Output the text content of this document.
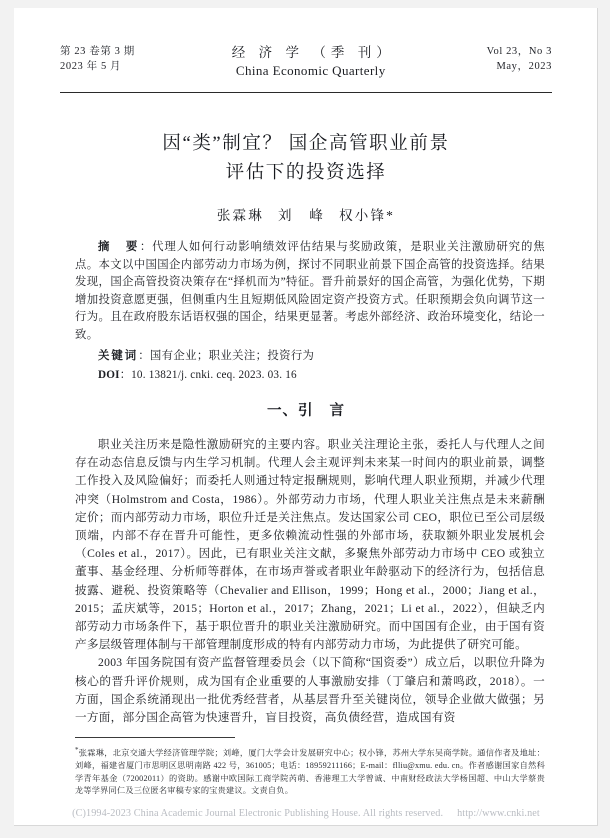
第 23 卷第 3 期
2023 年 5 月
经 济 学 （季 刊）
China Economic Quarterly
Vol 23，No 3
May，2023
因“类”制宜？ 国企高管职业前景
评估下的投资选择
张霖琳 刘　峰 权小锋*

摘　要：代理人如何行动影响绩效评估结果与奖励政策，是职业关注激励研究的焦点。本文以中国国企内部劳动力市场为例，探讨不同职业前景下国企高管的投资选择。结果发现，国企高管投资决策存在“择机而为”特征。晋升前景好的国企高管，为强化优势，下期增加投资意愿更强，但侧重内生且短期低风险固定资产投资方式。任职预期会负向调节这一行为。且在政府股东话语权强的国企，结果更显著。考虑外部经济、政治环境变化，结论一致。

关键词：国有企业；职业关注；投资行为

DOI：10. 13821/j. cnki. ceq. 2023. 03. 16

一、引 言

职业关注历来是隐性激励研究的主要内容。职业关注理论主张，委托人与代理人之间存在动态信息反馈与内生学习机制。代理人会主观评判未来某一时间内的职业前景，调整工作投入及风险偏好；而委托人则通过特定报酬规则，影响代理人职业预期，并减少代理冲突（Holmstrom and Costa，1986）。外部劳动力市场，代理人职业关注焦点是未来薪酬定价；而内部劳动力市场，职位升迁是关注焦点。发达国家公司 CEO，职位已至公司层级顶端，内部不存在晋升可能性，更多依赖流动性强的外部市场，获取额外职业发展机会（Coles et al.，2017）。因此，已有职业关注文献，多聚焦外部劳动力市场中 CEO 或独立董事、基金经理、分析师等群体，在市场声誉或者职业年龄驱动下的经济行为，包括信息披露、避税、投资策略等（Chevalier and Ellison，1999；Hong et al.，2000；Jiang et al.，2015；孟庆斌等，2015；Horton et al.，2017；Zhang，2021；Li et al.，2022），但缺乏内部劳动力市场条件下，基于职位晋升的职业关注激励研究。而中国国有企业，由于国有资产多层级管理体制与干部管理制度形成的特有内部劳动力市场，为此提供了研究可能。

2003 年国务院国有资产监督管理委员会（以下简称“国资委”）成立后，以职位升降为核心的晋升评价规则，成为国有企业重要的人事激励安排（丁肇启和萧鸣政，2018）。一方面，国企系统涌现出一批优秀经营者，从基层晋升至关键岗位，领导企业做大做强；另一方面，部分国企高管为快速晋升，盲目投资，高负债经营，造成国有资

*张霖琳，北京交通大学经济管理学院；刘峰，厦门大学会计发展研究中心；权小锋，苏州大学东吴商学院。通信作者及地址：刘峰，福建省厦门市思明区思明南路 422 号，361005；电话：18959211166；E-mail：flliu@xmu. edu. cn。作者感谢国家自然科学青年基金（72002011）的资助。感谢中欧国际工商学院芮萌、香港理工大学曾诚、中南财经政法大学杨国超、中山大学蔡贵龙等学界同仁及三位匿名审稿专家的宝贵建议。文责自负。

(C)1994-2023 China Academic Journal Electronic Publishing House. All rights reserved. http://www.cnki.net
